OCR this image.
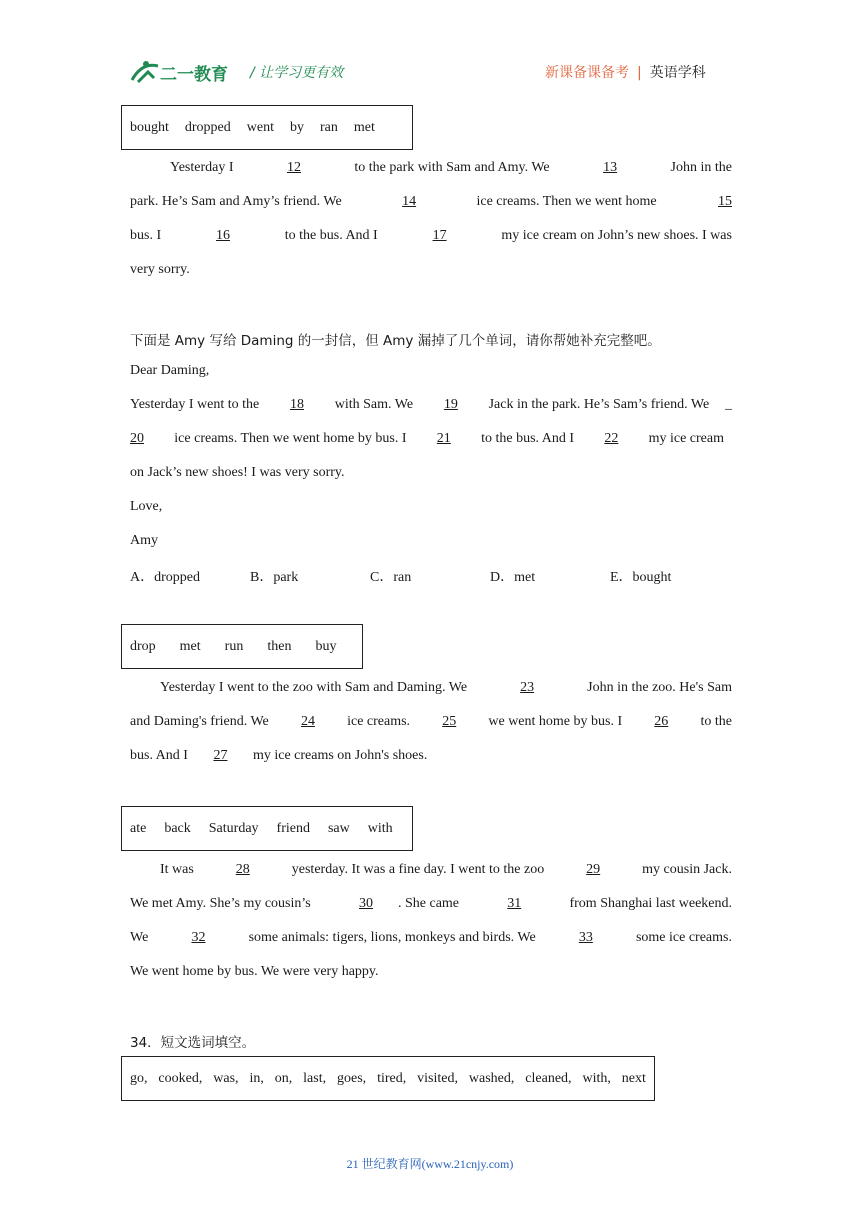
二一教育 / 让学习更有效	新课备课备考 | 英语学科
bought dropped went by ran met
Yesterday I	12	to the park with Sam and Amy. We	13	John in the
park. He’s Sam and Amy’s friend. We	14	ice creams. Then we went home	15
bus. I	16	to the bus. And I	17	my ice cream on John’s new shoes. I was
very sorry.
下面是 Amy 写给 Daming 的一封信，但 Amy 漏掉了几个单词，请你帮她补充完整吧。
Dear Daming,
Yesterday I went to the	18	with Sam. We	19	Jack in the park. He’s Sam’s friend. We _
20	ice creams. Then we went home by bus. I	21	to the bus. And I	22	my ice cream
on Jack’s new shoes! I was very sorry.
Love,
Amy
A．dropped	B．park	C．ran	D．met	E．bought
drop met run then buy
Yesterday I went to the zoo with Sam and Daming. We	23	John in the zoo. He's Sam
and Daming's friend. We	24	ice creams.	25	we went home by bus. I	26	to the
bus. And I 27 my ice creams on John's shoes.
ate back Saturday friend saw with
It was	28	yesterday. It was a fine day. I went to the zoo	29	my cousin Jack.
We met Amy. She’s my cousin’s	30 . She came	31	from Shanghai last weekend.
We	32	some animals: tigers, lions, monkeys and birds. We	33	some ice creams.
We went home by bus. We were very happy.
34．短文选词填空。
go, cooked, was, in, on, last, goes, tired, visited, washed, cleaned, with, next
21 世纪教育网(www.21cnjy.com)
